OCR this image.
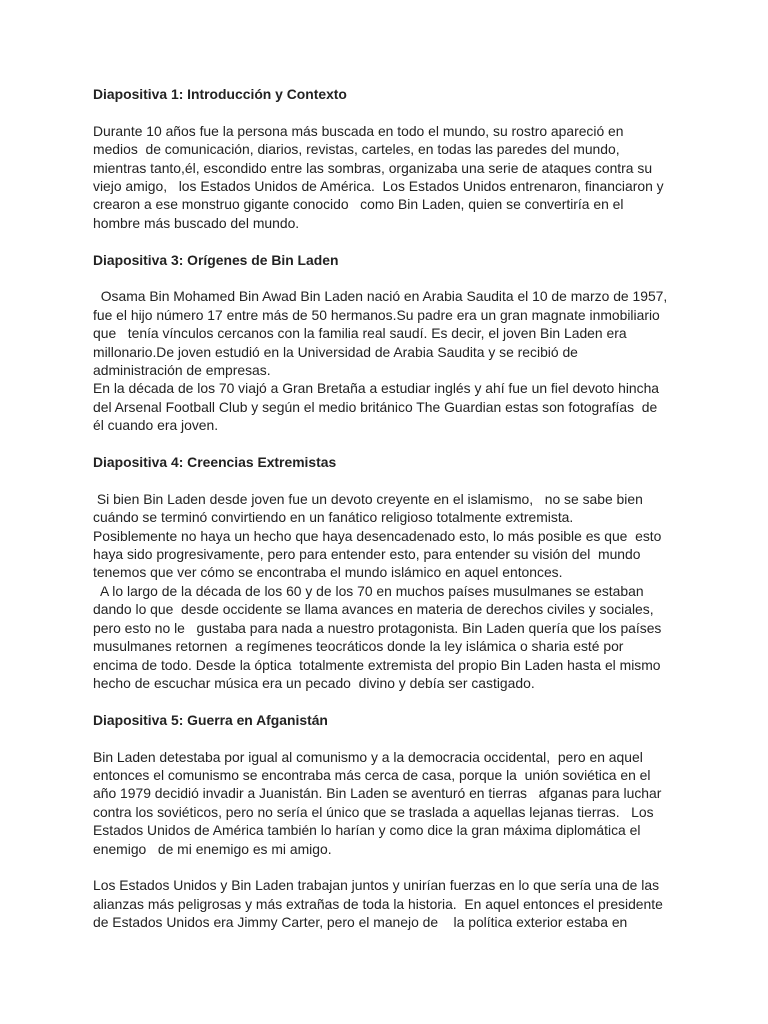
Diapositiva 1: Introducción y Contexto
Durante 10 años fue la persona más buscada en todo el mundo, su rostro apareció en
medios  de comunicación, diarios, revistas, carteles, en todas las paredes del mundo,
mientras tanto,él, escondido entre las sombras, organizaba una serie de ataques contra su
viejo amigo,   los Estados Unidos de América.  Los Estados Unidos entrenaron, financiaron y
crearon a ese monstruo gigante conocido   como Bin Laden, quien se convertiría en el
hombre más buscado del mundo.
Diapositiva 3: Orígenes de Bin Laden
Osama Bin Mohamed Bin Awad Bin Laden nació en Arabia Saudita el 10 de marzo de 1957,
fue el hijo número 17 entre más de 50 hermanos.Su padre era un gran magnate inmobiliario
que   tenía vínculos cercanos con la familia real saudí. Es decir, el joven Bin Laden era
millonario.De joven estudió en la Universidad de Arabia Saudita y se recibió de
administración de empresas.
En la década de los 70 viajó a Gran Bretaña a estudiar inglés y ahí fue un fiel devoto hincha
del Arsenal Football Club y según el medio británico The Guardian estas son fotografías  de
él cuando era joven.
Diapositiva 4: Creencias Extremistas
Si bien Bin Laden desde joven fue un devoto creyente en el islamismo,   no se sabe bien
cuándo se terminó convirtiendo en un fanático religioso totalmente extremista.
Posiblemente no haya un hecho que haya desencadenado esto, lo más posible es que  esto
haya sido progresivamente, pero para entender esto, para entender su visión del  mundo
tenemos que ver cómo se encontraba el mundo islámico en aquel entonces.
A lo largo de la década de los 60 y de los 70 en muchos países musulmanes se estaban
dando lo que  desde occidente se llama avances en materia de derechos civiles y sociales,
pero esto no le   gustaba para nada a nuestro protagonista. Bin Laden quería que los países
musulmanes retornen  a regímenes teocráticos donde la ley islámica o sharia esté por
encima de todo. Desde la óptica  totalmente extremista del propio Bin Laden hasta el mismo
hecho de escuchar música era un pecado  divino y debía ser castigado.
Diapositiva 5: Guerra en Afganistán
Bin Laden detestaba por igual al comunismo y a la democracia occidental,  pero en aquel
entonces el comunismo se encontraba más cerca de casa, porque la  unión soviética en el
año 1979 decidió invadir a Juanistán. Bin Laden se aventuró en tierras   afganas para luchar
contra los soviéticos, pero no sería el único que se traslada a aquellas lejanas tierras.   Los
Estados Unidos de América también lo harían y como dice la gran máxima diplomática el
enemigo   de mi enemigo es mi amigo.
Los Estados Unidos y Bin Laden trabajan juntos y unirían fuerzas en lo que sería una de las
alianzas más peligrosas y más extrañas de toda la historia.  En aquel entonces el presidente
de Estados Unidos era Jimmy Carter, pero el manejo de    la política exterior estaba en
